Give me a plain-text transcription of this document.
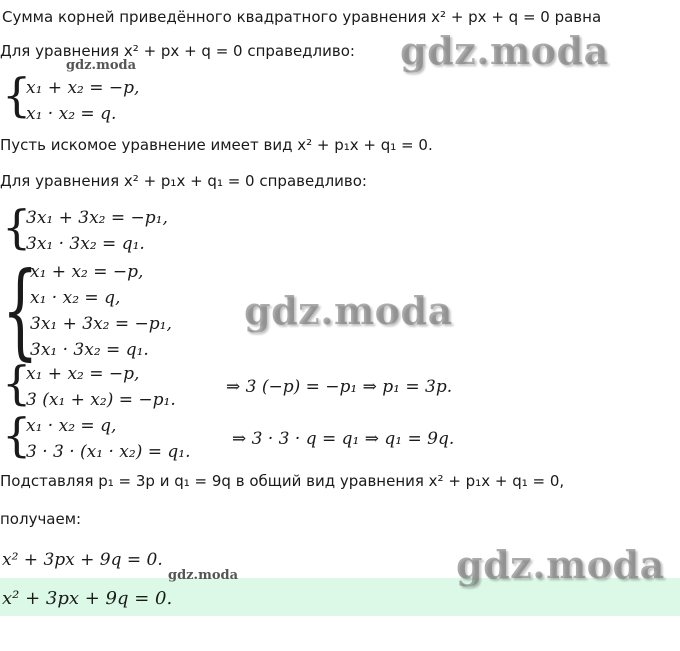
Сумма корней приведённого квадратного уравнения x² + px + q = 0 равна
Для уравнения x² + px + q = 0 справедливо:
{
x₁ + x₂ = −p,
x₁ · x₂ = q.
Пусть искомое уравнение имеет вид x² + p₁x + q₁ = 0.
Для уравнения x² + p₁x + q₁ = 0 справедливо:
{
3x₁ + 3x₂ = −p₁,
3x₁ · 3x₂ = q₁.
{
x₁ + x₂ = −p,
x₁ · x₂ = q,
3x₁ + 3x₂ = −p₁,
3x₁ · 3x₂ = q₁.
{
x₁ + x₂ = −p,
3 (x₁ + x₂) = −p₁.
⇒ 3 (−p) = −p₁ ⇒ p₁ = 3p.
{
x₁ · x₂ = q,
3 · 3 · (x₁ · x₂) = q₁.
⇒ 3 · 3 · q = q₁ ⇒ q₁ = 9q.
Подставляя p₁ = 3p и q₁ = 9q в общий вид уравнения x² + p₁x + q₁ = 0,
получаем:
x² + 3px + 9q = 0.
x² + 3px + 9q = 0.
gdz.moda
gdz.moda
gdz.moda
gdz.moda
gdz.moda
